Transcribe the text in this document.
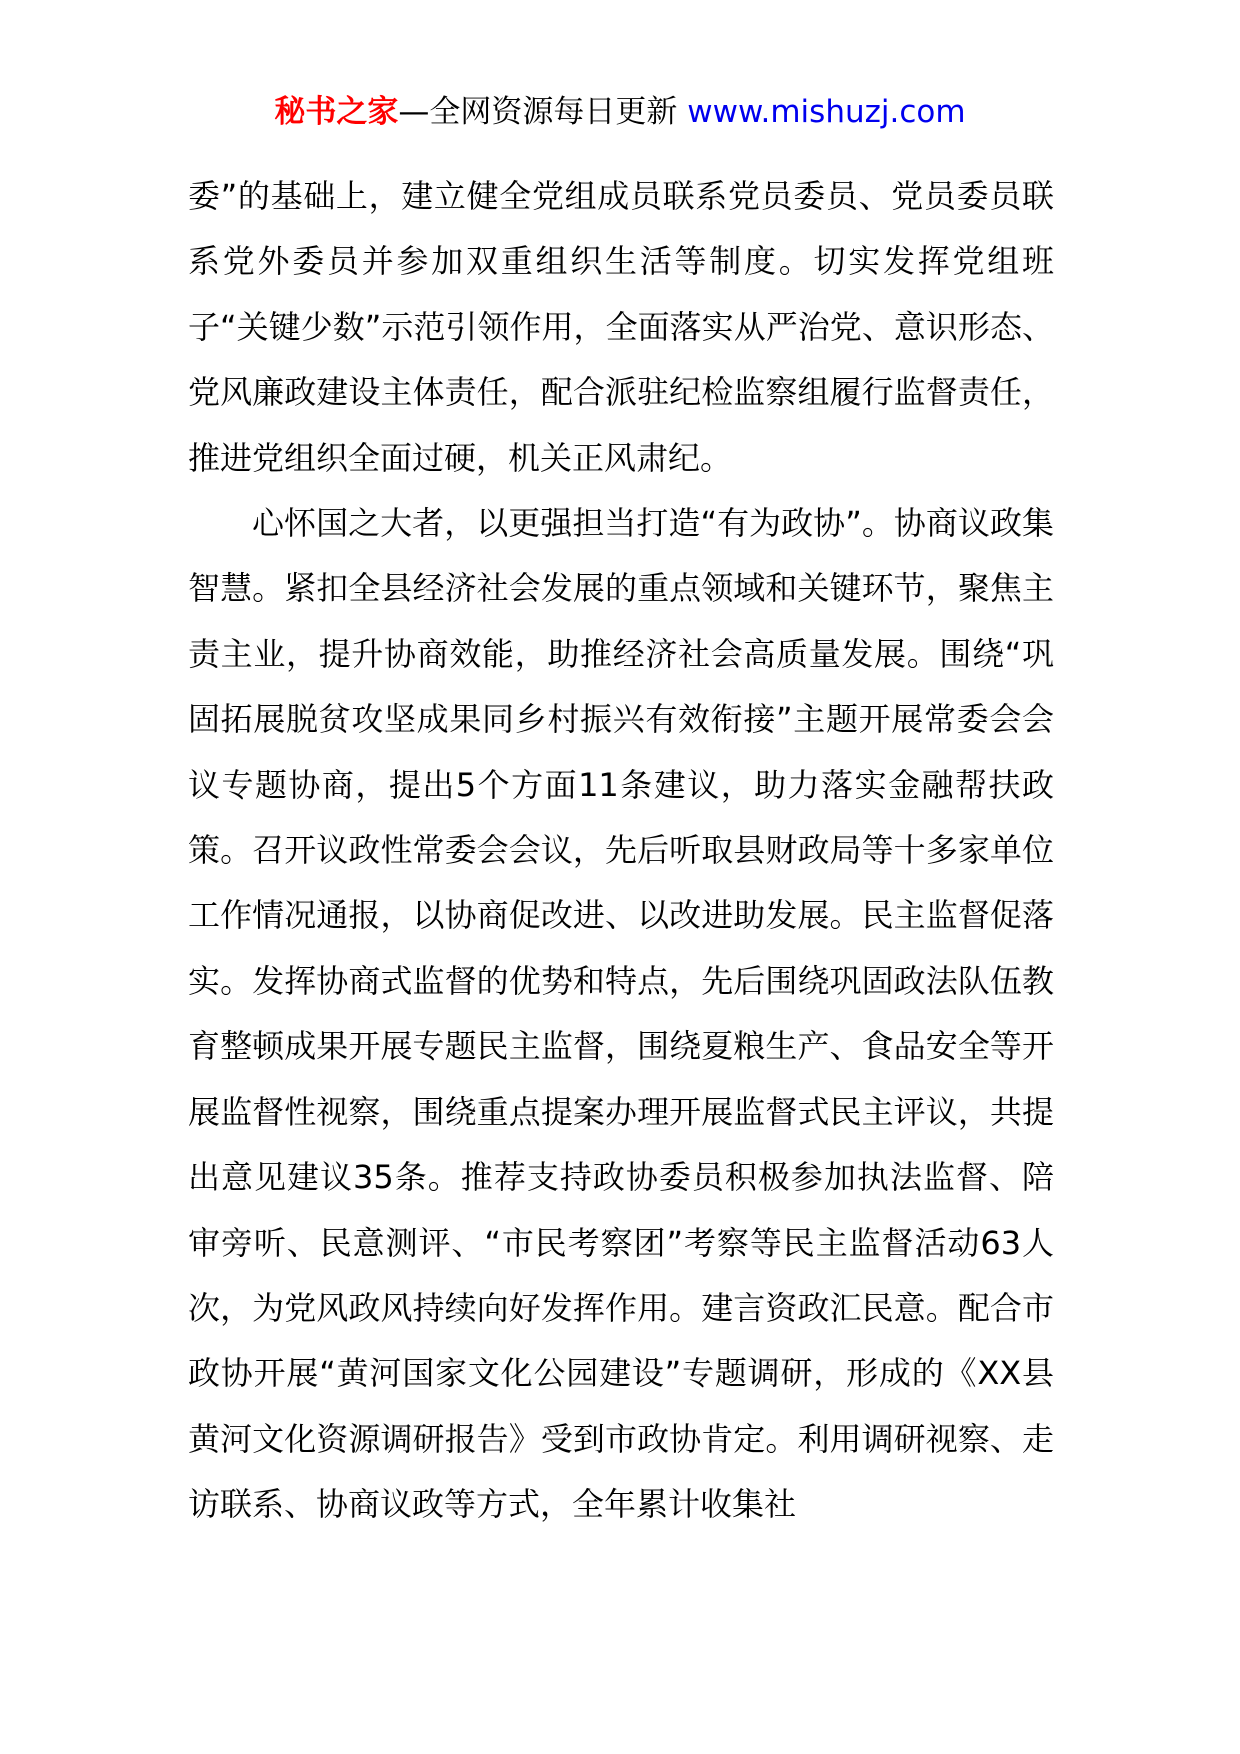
秘书之家—全网资源每日更新 www.mishuzj.com

委”的基础上，建立健全党组成员联系党员委员、党员委员联系党外委员并参加双重组织生活等制度。切实发挥党组班子“关键少数”示范引领作用，全面落实从严治党、意识形态、党风廉政建设主体责任，配合派驻纪检监察组履行监督责任，推进党组织全面过硬，机关正风肃纪。

心怀国之大者，以更强担当打造“有为政协”。协商议政集智慧。紧扣全县经济社会发展的重点领域和关键环节，聚焦主责主业，提升协商效能，助推经济社会高质量发展。围绕“巩固拓展脱贫攻坚成果同乡村振兴有效衔接”主题开展常委会会议专题协商，提出5个方面11条建议，助力落实金融帮扶政策。召开议政性常委会会议，先后听取县财政局等十多家单位工作情况通报，以协商促改进、以改进助发展。民主监督促落实。发挥协商式监督的优势和特点，先后围绕巩固政法队伍教育整顿成果开展专题民主监督，围绕夏粮生产、食品安全等开展监督性视察，围绕重点提案办理开展监督式民主评议，共提出意见建议35条。推荐支持政协委员积极参加执法监督、陪审旁听、民意测评、“市民考察团”考察等民主监督活动63人次，为党风政风持续向好发挥作用。建言资政汇民意。配合市政协开展“黄河国家文化公园建设”专题调研，形成的《XX县黄河文化资源调研报告》受到市政协肯定。利用调研视察、走访联系、协商议政等方式，全年累计收集社
